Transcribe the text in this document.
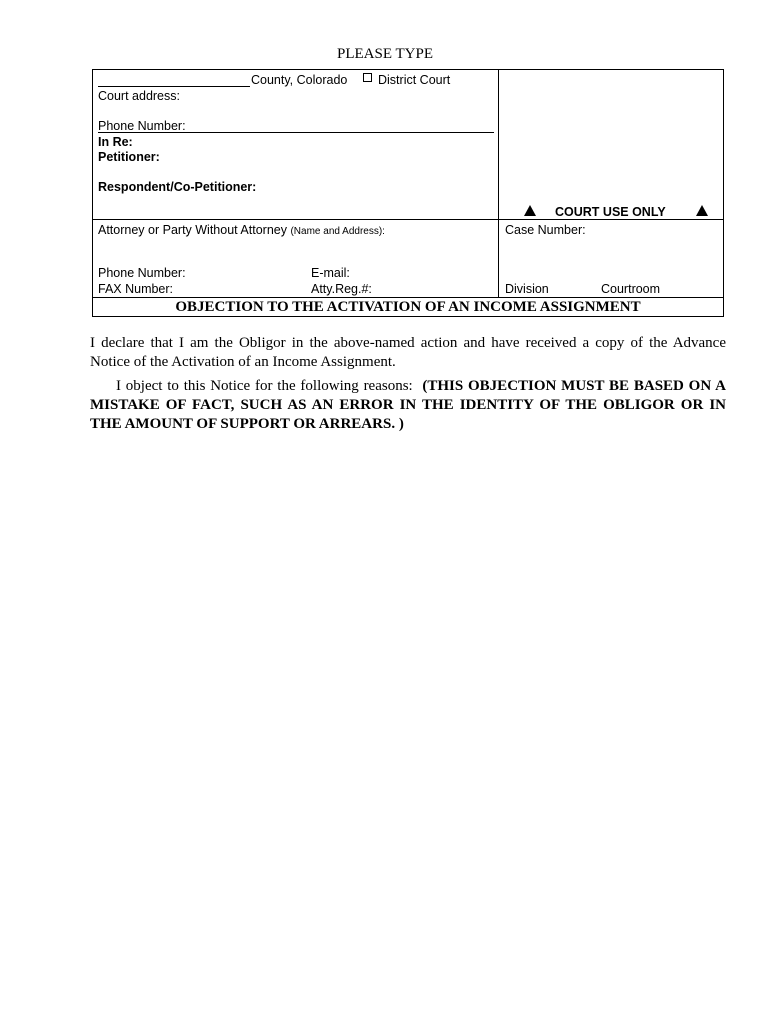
PLEASE TYPE
County, Colorado District Court
Court address:
Phone Number:
In Re:
Petitioner:
Respondent/Co-Petitioner:
COURT USE ONLY
Attorney or Party Without Attorney (Name and Address):	Case Number:
Phone Number:	E-mail:
FAX Number:	Atty.Reg.#:	Division	Courtroom
OBJECTION TO THE ACTIVATION OF AN INCOME ASSIGNMENT
I declare that I am the Obligor in the above-named action and have received a copy of the Advance Notice of the Activation of an Income Assignment.
I object to this Notice for the following reasons: (THIS OBJECTION MUST BE BASED ON A MISTAKE OF FACT, SUCH AS AN ERROR IN THE IDENTITY OF THE OBLIGOR OR IN THE AMOUNT OF SUPPORT OR ARREARS. )
